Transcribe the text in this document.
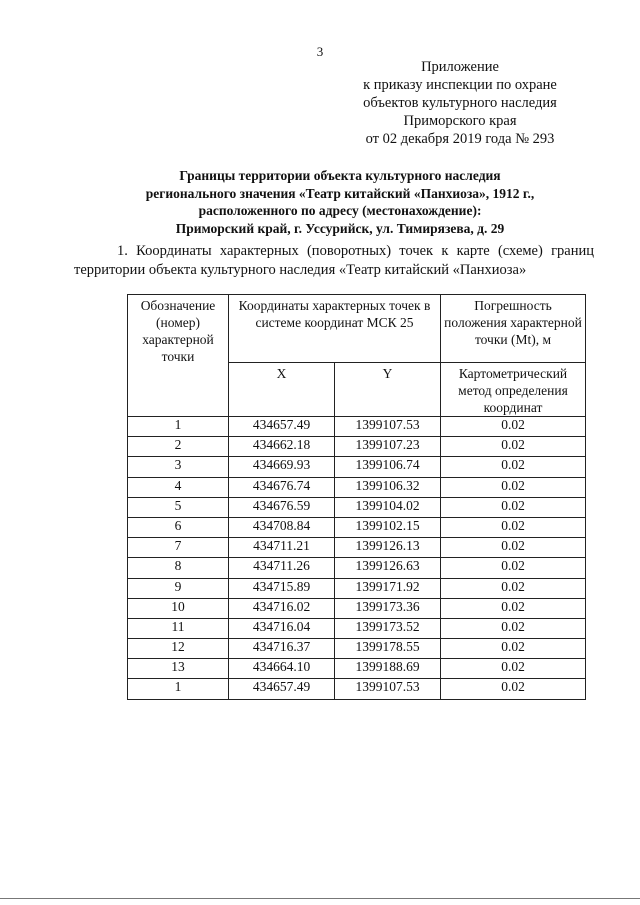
3
Приложение
к приказу инспекции по охране
объектов культурного наследия
Приморского края
от 02 декабря 2019 года № 293
Границы территории объекта культурного наследия
регионального значения «Театр китайский «Панхиоза», 1912 г.,
расположенного по адресу (местонахождение):
Приморский край, г. Уссурийск, ул. Тимирязева, д. 29
1. Координаты характерных (поворотных) точек к карте (схеме) границ территории объекта культурного наследия «Театр китайский «Панхиоза»
Обозначение (номер) характерной точки	Координаты характерных точек в системе координат МСК 25		Погрешность положения характерной точки (Mt), м
	X	Y	Картометрический метод определения координат
1	434657.49	1399107.53	0.02
2	434662.18	1399107.23	0.02
3	434669.93	1399106.74	0.02
4	434676.74	1399106.32	0.02
5	434676.59	1399104.02	0.02
6	434708.84	1399102.15	0.02
7	434711.21	1399126.13	0.02
8	434711.26	1399126.63	0.02
9	434715.89	1399171.92	0.02
10	434716.02	1399173.36	0.02
11	434716.04	1399173.52	0.02
12	434716.37	1399178.55	0.02
13	434664.10	1399188.69	0.02
1	434657.49	1399107.53	0.02
